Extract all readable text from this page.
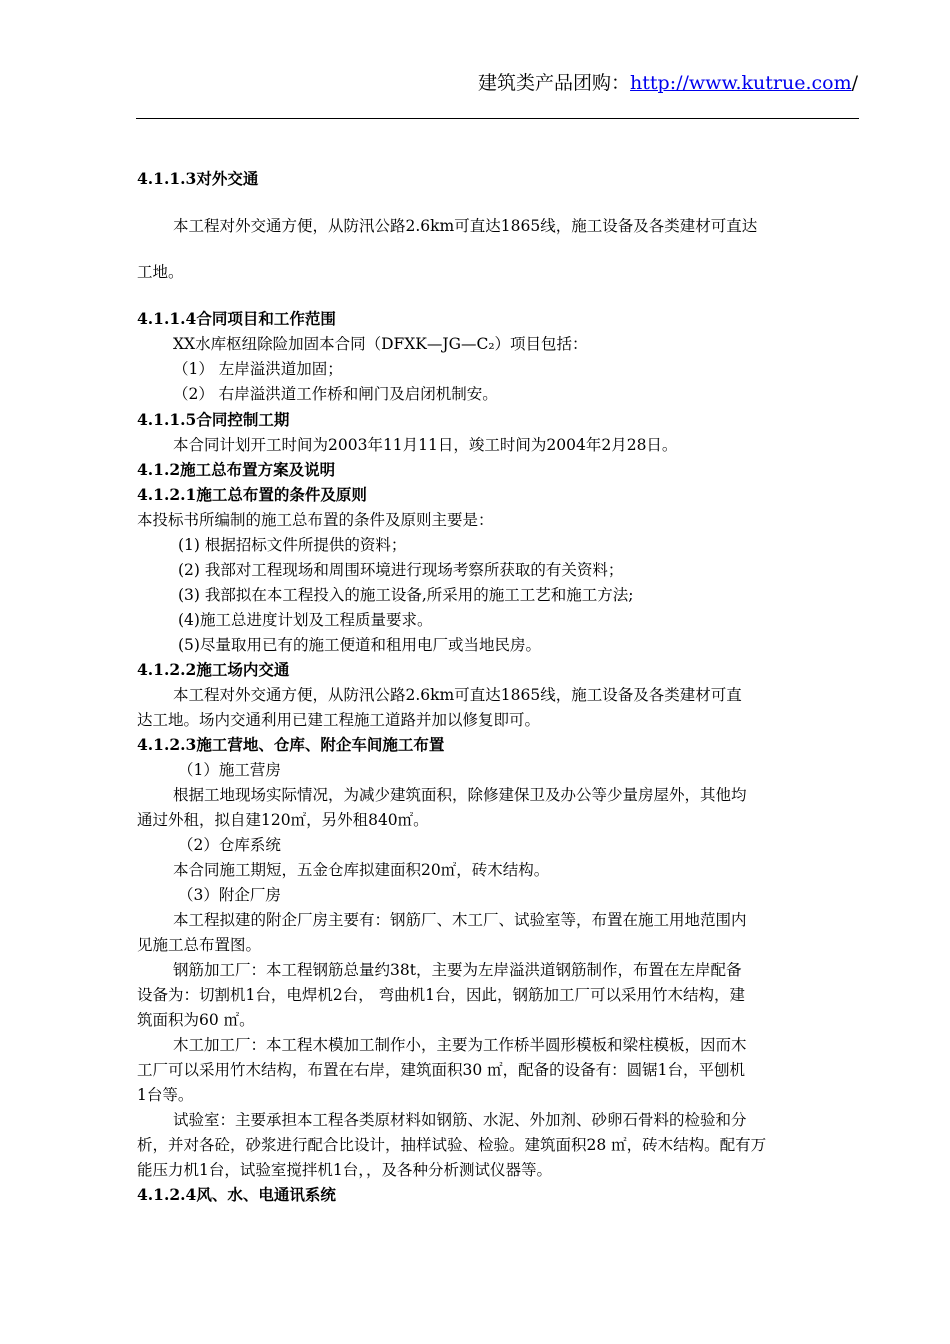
建筑类产品团购：http://www.kutrue.com/
4.1.1.3对外交通
本工程对外交通方便，从防汛公路2.6km可直达1865线，施工设备及各类建材可直达
工地。
4.1.1.4合同项目和工作范围
XX水库枢纽除险加固本合同（DFXK—JG—C₂）项目包括：
（1） 左岸溢洪道加固；
（2） 右岸溢洪道工作桥和闸门及启闭机制安。
4.1.1.5合同控制工期
本合同计划开工时间为2003年11月11日，竣工时间为2004年2月28日。
4.1.2施工总布置方案及说明
4.1.2.1施工总布置的条件及原则
本投标书所编制的施工总布置的条件及原则主要是：
(1) 根据招标文件所提供的资料；
(2) 我部对工程现场和周围环境进行现场考察所获取的有关资料；
(3) 我部拟在本工程投入的施工设备,所采用的施工工艺和施工方法;
(4)施工总进度计划及工程质量要求。
(5)尽量取用已有的施工便道和租用电厂或当地民房。
4.1.2.2施工场内交通
本工程对外交通方便，从防汛公路2.6km可直达1865线，施工设备及各类建材可直
达工地。场内交通利用已建工程施工道路并加以修复即可。
4.1.2.3施工营地、仓库、附企车间施工布置
（1）施工营房
根据工地现场实际情况，为减少建筑面积，除修建保卫及办公等少量房屋外，其他均
通过外租，拟自建120㎡，另外租840㎡。
（2）仓库系统
本合同施工期短，五金仓库拟建面积20㎡，砖木结构。
（3）附企厂房
本工程拟建的附企厂房主要有：钢筋厂、木工厂、试验室等，布置在施工用地范围内
见施工总布置图。
钢筋加工厂：本工程钢筋总量约38t，主要为左岸溢洪道钢筋制作，布置在左岸配备
设备为：切割机1台，电焊机2台， 弯曲机1台，因此，钢筋加工厂可以采用竹木结构，建
筑面积为60 ㎡。
木工加工厂：本工程木模加工制作小，主要为工作桥半圆形模板和梁柱模板，因而木
工厂可以采用竹木结构，布置在右岸，建筑面积30 ㎡，配备的设备有：圆锯1台，平刨机
1台等。
试验室：主要承担本工程各类原材料如钢筋、水泥、外加剂、砂卵石骨料的检验和分
析，并对各砼，砂浆进行配合比设计，抽样试验、检验。建筑面积28 ㎡，砖木结构。配有万
能压力机1台，试验室搅拌机1台，，及各种分析测试仪器等。
4.1.2.4风、水、电通讯系统
